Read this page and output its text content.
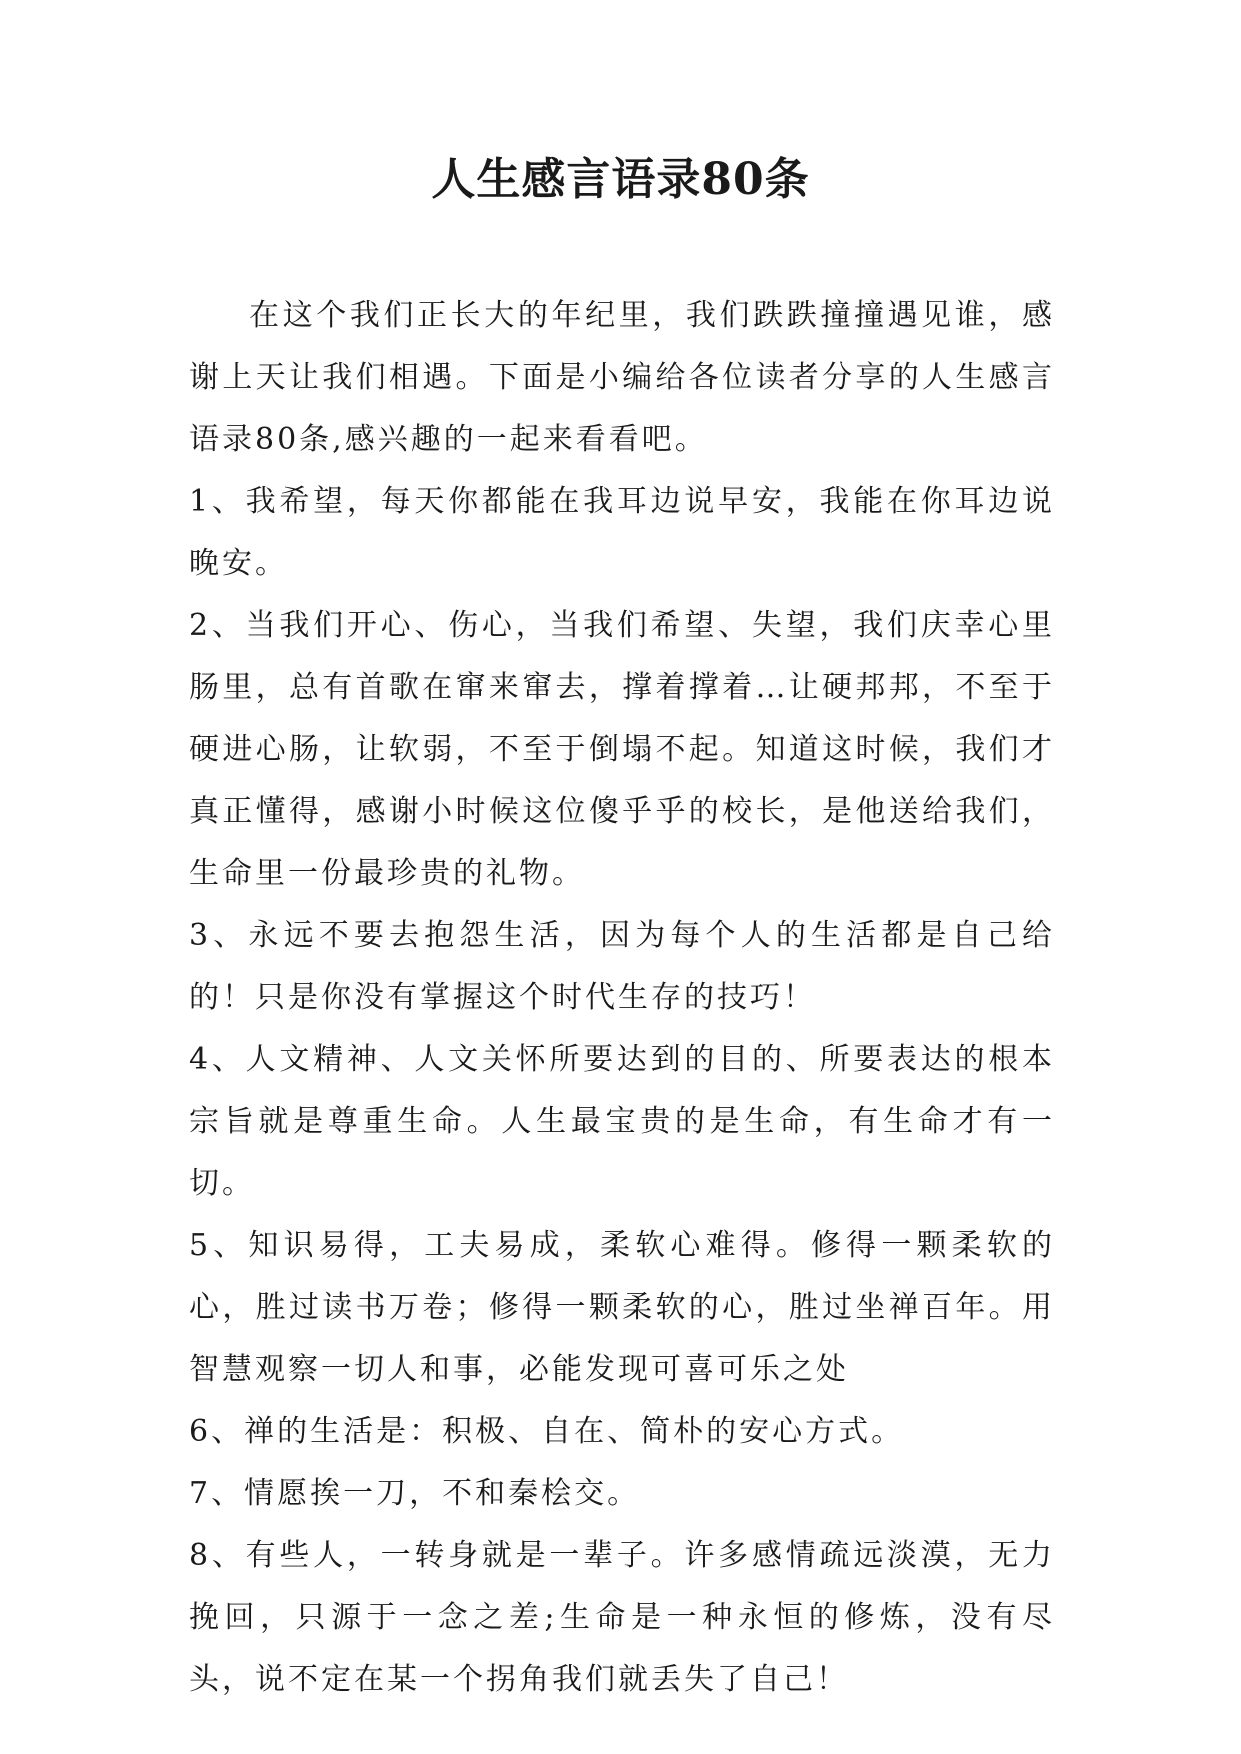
人生感言语录80条

在这个我们正长大的年纪里，我们跌跌撞撞遇见谁，感谢上天让我们相遇。下面是小编给各位读者分享的人生感言语录80条,感兴趣的一起来看看吧。

1、我希望，每天你都能在我耳边说早安，我能在你耳边说晚安。

2、当我们开心、伤心，当我们希望、失望，我们庆幸心里肠里，总有首歌在窜来窜去，撑着撑着…让硬邦邦，不至于硬进心肠，让软弱，不至于倒塌不起。知道这时候，我们才真正懂得，感谢小时候这位傻乎乎的校长，是他送给我们，生命里一份最珍贵的礼物。

3、永远不要去抱怨生活，因为每个人的生活都是自己给的！只是你没有掌握这个时代生存的技巧！

4、人文精神、人文关怀所要达到的目的、所要表达的根本宗旨就是尊重生命。人生最宝贵的是生命，有生命才有一切。

5、知识易得，工夫易成，柔软心难得。修得一颗柔软的心，胜过读书万卷；修得一颗柔软的心，胜过坐禅百年。用智慧观察一切人和事，必能发现可喜可乐之处

6、禅的生活是：积极、自在、简朴的安心方式。

7、情愿挨一刀，不和秦桧交。

8、有些人，一转身就是一辈子。许多感情疏远淡漠，无力挽回，只源于一念之差;生命是一种永恒的修炼，没有尽头，说不定在某一个拐角我们就丢失了自己！
